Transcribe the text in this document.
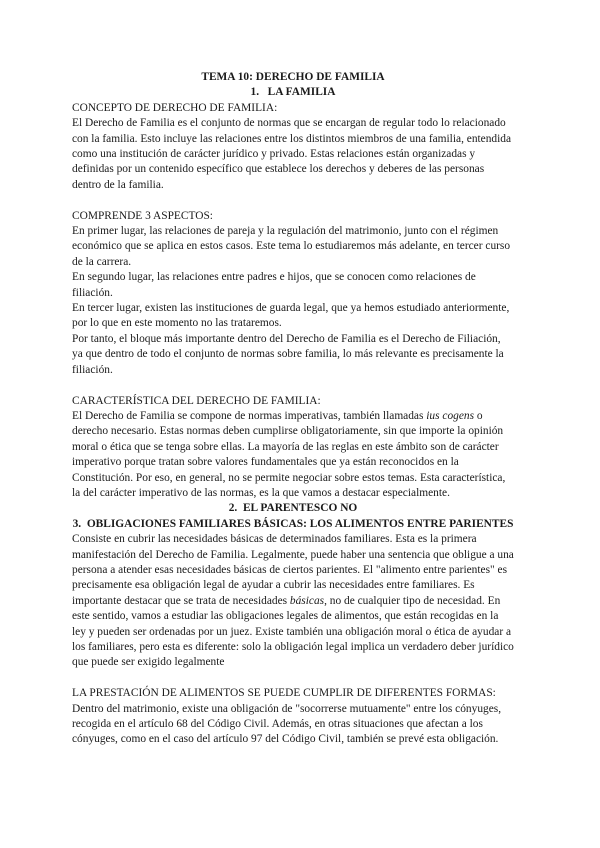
TEMA 10: DERECHO DE FAMILIA

1. LA FAMILIA

CONCEPTO DE DERECHO DE FAMILIA:

El Derecho de Familia es el conjunto de normas que se encargan de regular todo lo relacionado con la familia. Esto incluye las relaciones entre los distintos miembros de una familia, entendida como una institución de carácter jurídico y privado. Estas relaciones están organizadas y definidas por un contenido específico que establece los derechos y deberes de las personas dentro de la familia.

COMPRENDE 3 ASPECTOS:

En primer lugar, las relaciones de pareja y la regulación del matrimonio, junto con el régimen económico que se aplica en estos casos. Este tema lo estudiaremos más adelante, en tercer curso de la carrera.

En segundo lugar, las relaciones entre padres e hijos, que se conocen como relaciones de filiación.

En tercer lugar, existen las instituciones de guarda legal, que ya hemos estudiado anteriormente, por lo que en este momento no las trataremos.

Por tanto, el bloque más importante dentro del Derecho de Familia es el Derecho de Filiación, ya que dentro de todo el conjunto de normas sobre familia, lo más relevante es precisamente la filiación.

CARACTERÍSTICA DEL DERECHO DE FAMILIA:

El Derecho de Familia se compone de normas imperativas, también llamadas ius cogens o derecho necesario. Estas normas deben cumplirse obligatoriamente, sin que importe la opinión moral o ética que se tenga sobre ellas. La mayoría de las reglas en este ámbito son de carácter imperativo porque tratan sobre valores fundamentales que ya están reconocidos en la Constitución. Por eso, en general, no se permite negociar sobre estos temas. Esta característica, la del carácter imperativo de las normas, es la que vamos a destacar especialmente.

2. EL PARENTESCO NO

3. OBLIGACIONES FAMILIARES BÁSICAS: LOS ALIMENTOS ENTRE PARIENTES

Consiste en cubrir las necesidades básicas de determinados familiares. Esta es la primera manifestación del Derecho de Familia. Legalmente, puede haber una sentencia que obligue a una persona a atender esas necesidades básicas de ciertos parientes. El "alimento entre parientes" es precisamente esa obligación legal de ayudar a cubrir las necesidades entre familiares. Es importante destacar que se trata de necesidades básicas, no de cualquier tipo de necesidad. En este sentido, vamos a estudiar las obligaciones legales de alimentos, que están recogidas en la ley y pueden ser ordenadas por un juez. Existe también una obligación moral o ética de ayudar a los familiares, pero esta es diferente: solo la obligación legal implica un verdadero deber jurídico que puede ser exigido legalmente

LA PRESTACIÓN DE ALIMENTOS SE PUEDE CUMPLIR DE DIFERENTES FORMAS:

Dentro del matrimonio, existe una obligación de "socorrerse mutuamente" entre los cónyuges, recogida en el artículo 68 del Código Civil. Además, en otras situaciones que afectan a los cónyuges, como en el caso del artículo 97 del Código Civil, también se prevé esta obligación.
